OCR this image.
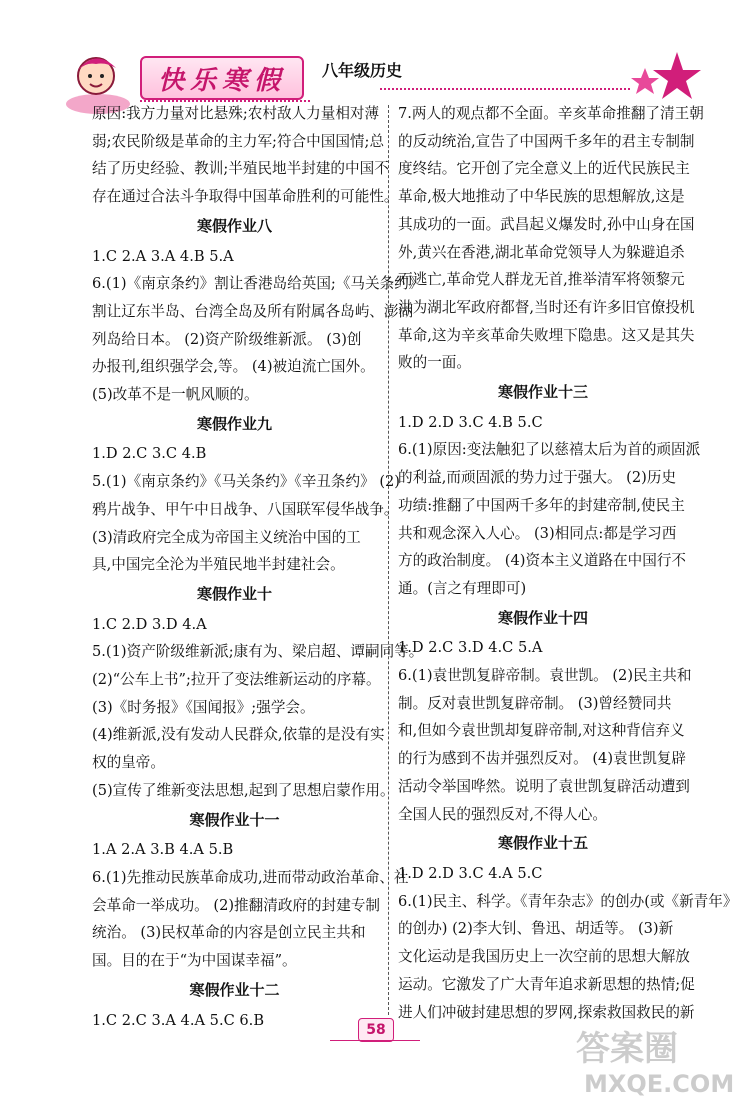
快乐寒假	八年级历史
原因:我方力量对比悬殊;农村敌人力量相对薄
弱;农民阶级是革命的主力军;符合中国国情;总
结了历史经验、教训;半殖民地半封建的中国不
存在通过合法斗争取得中国革命胜利的可能性。
寒假作业八
1.C 2.A 3.A 4.B 5.A
6.(1)《南京条约》割让香港岛给英国;《马关条约》
割让辽东半岛、台湾全岛及所有附属各岛屿、澎湖
列岛给日本。 (2)资产阶级维新派。 (3)创
办报刊,组织强学会,等。 (4)被迫流亡国外。
(5)改革不是一帆风顺的。
寒假作业九
1.D 2.C 3.C 4.B
5.(1)《南京条约》《马关条约》《辛丑条约》 (2)
鸦片战争、甲午中日战争、八国联军侵华战争。
(3)清政府完全成为帝国主义统治中国的工
具,中国完全沦为半殖民地半封建社会。
寒假作业十
1.C 2.D 3.D 4.A
5.(1)资产阶级维新派;康有为、梁启超、谭嗣同等。
(2)“公车上书”;拉开了变法维新运动的序幕。
(3)《时务报》《国闻报》;强学会。
(4)维新派,没有发动人民群众,依靠的是没有实
权的皇帝。
(5)宣传了维新变法思想,起到了思想启蒙作用。
寒假作业十一
1.A 2.A 3.B 4.A 5.B
6.(1)先推动民族革命成功,进而带动政治革命、社
会革命一举成功。 (2)推翻清政府的封建专制
统治。 (3)民权革命的内容是创立民主共和
国。目的在于“为中国谋幸福”。
寒假作业十二
1.C 2.C 3.A 4.A 5.C 6.B
7.两人的观点都不全面。辛亥革命推翻了清王朝
的反动统治,宣告了中国两千多年的君主专制制
度终结。它开创了完全意义上的近代民族民主
革命,极大地推动了中华民族的思想解放,这是
其成功的一面。武昌起义爆发时,孙中山身在国
外,黄兴在香港,湖北革命党领导人为躲避追杀
而逃亡,革命党人群龙无首,推举清军将领黎元
洪为湖北军政府都督,当时还有许多旧官僚投机
革命,这为辛亥革命失败埋下隐患。这又是其失
败的一面。
寒假作业十三
1.D 2.D 3.C 4.B 5.C
6.(1)原因:变法触犯了以慈禧太后为首的顽固派
的利益,而顽固派的势力过于强大。 (2)历史
功绩:推翻了中国两千多年的封建帝制,使民主
共和观念深入人心。 (3)相同点:都是学习西
方的政治制度。 (4)资本主义道路在中国行不
通。(言之有理即可)
寒假作业十四
1.D 2.C 3.D 4.C 5.A
6.(1)袁世凯复辟帝制。袁世凯。 (2)民主共和
制。反对袁世凯复辟帝制。 (3)曾经赞同共
和,但如今袁世凯却复辟帝制,对这种背信弃义
的行为感到不齿并强烈反对。 (4)袁世凯复辟
活动令举国哗然。说明了袁世凯复辟活动遭到
全国人民的强烈反对,不得人心。
寒假作业十五
1.D 2.D 3.C 4.A 5.C
6.(1)民主、科学。《青年杂志》的创办(或《新青年》
的创办) (2)李大钊、鲁迅、胡适等。 (3)新
文化运动是我国历史上一次空前的思想大解放
运动。它激发了广大青年追求新思想的热情;促
进人们冲破封建思想的罗网,探索救国救民的新
58	答案圈
MXQE.COM
